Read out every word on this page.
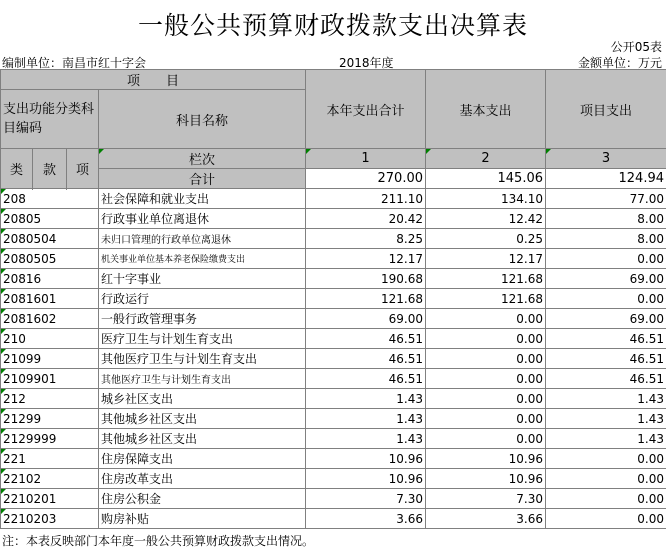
一般公共预算财政拨款支出决算表
公开05表
编制单位：南昌市红十字会	2018年度	金额单位：万元
项　　目				本年支出合计	基本支出	项目支出
支出功能分类科目编码			科目名称			

类	款	项	栏次	1	2	3
			合计	270.00	145.06	124.94

208			社会保障和就业支出	211.10	134.10	77.00
20805			行政事业单位离退休	20.42	12.42	8.00
2080504			未归口管理的行政单位离退休	8.25	0.25	8.00
2080505			机关事业单位基本养老保险缴费支出	12.17	12.17	0.00
20816			红十字事业	190.68	121.68	69.00
2081601			行政运行	121.68	121.68	0.00
2081602			一般行政管理事务	69.00	0.00	69.00
210			医疗卫生与计划生育支出	46.51	0.00	46.51
21099			其他医疗卫生与计划生育支出	46.51	0.00	46.51
2109901			其他医疗卫生与计划生育支出	46.51	0.00	46.51
212			城乡社区支出	1.43	0.00	1.43
21299			其他城乡社区支出	1.43	0.00	1.43
2129999			其他城乡社区支出	1.43	0.00	1.43
221			住房保障支出	10.96	10.96	0.00
22102			住房改革支出	10.96	10.96	0.00
2210201			住房公积金	7.30	7.30	0.00
2210203			购房补贴	3.66	3.66	0.00
注：本表反映部门本年度一般公共预算财政拨款支出情况。
